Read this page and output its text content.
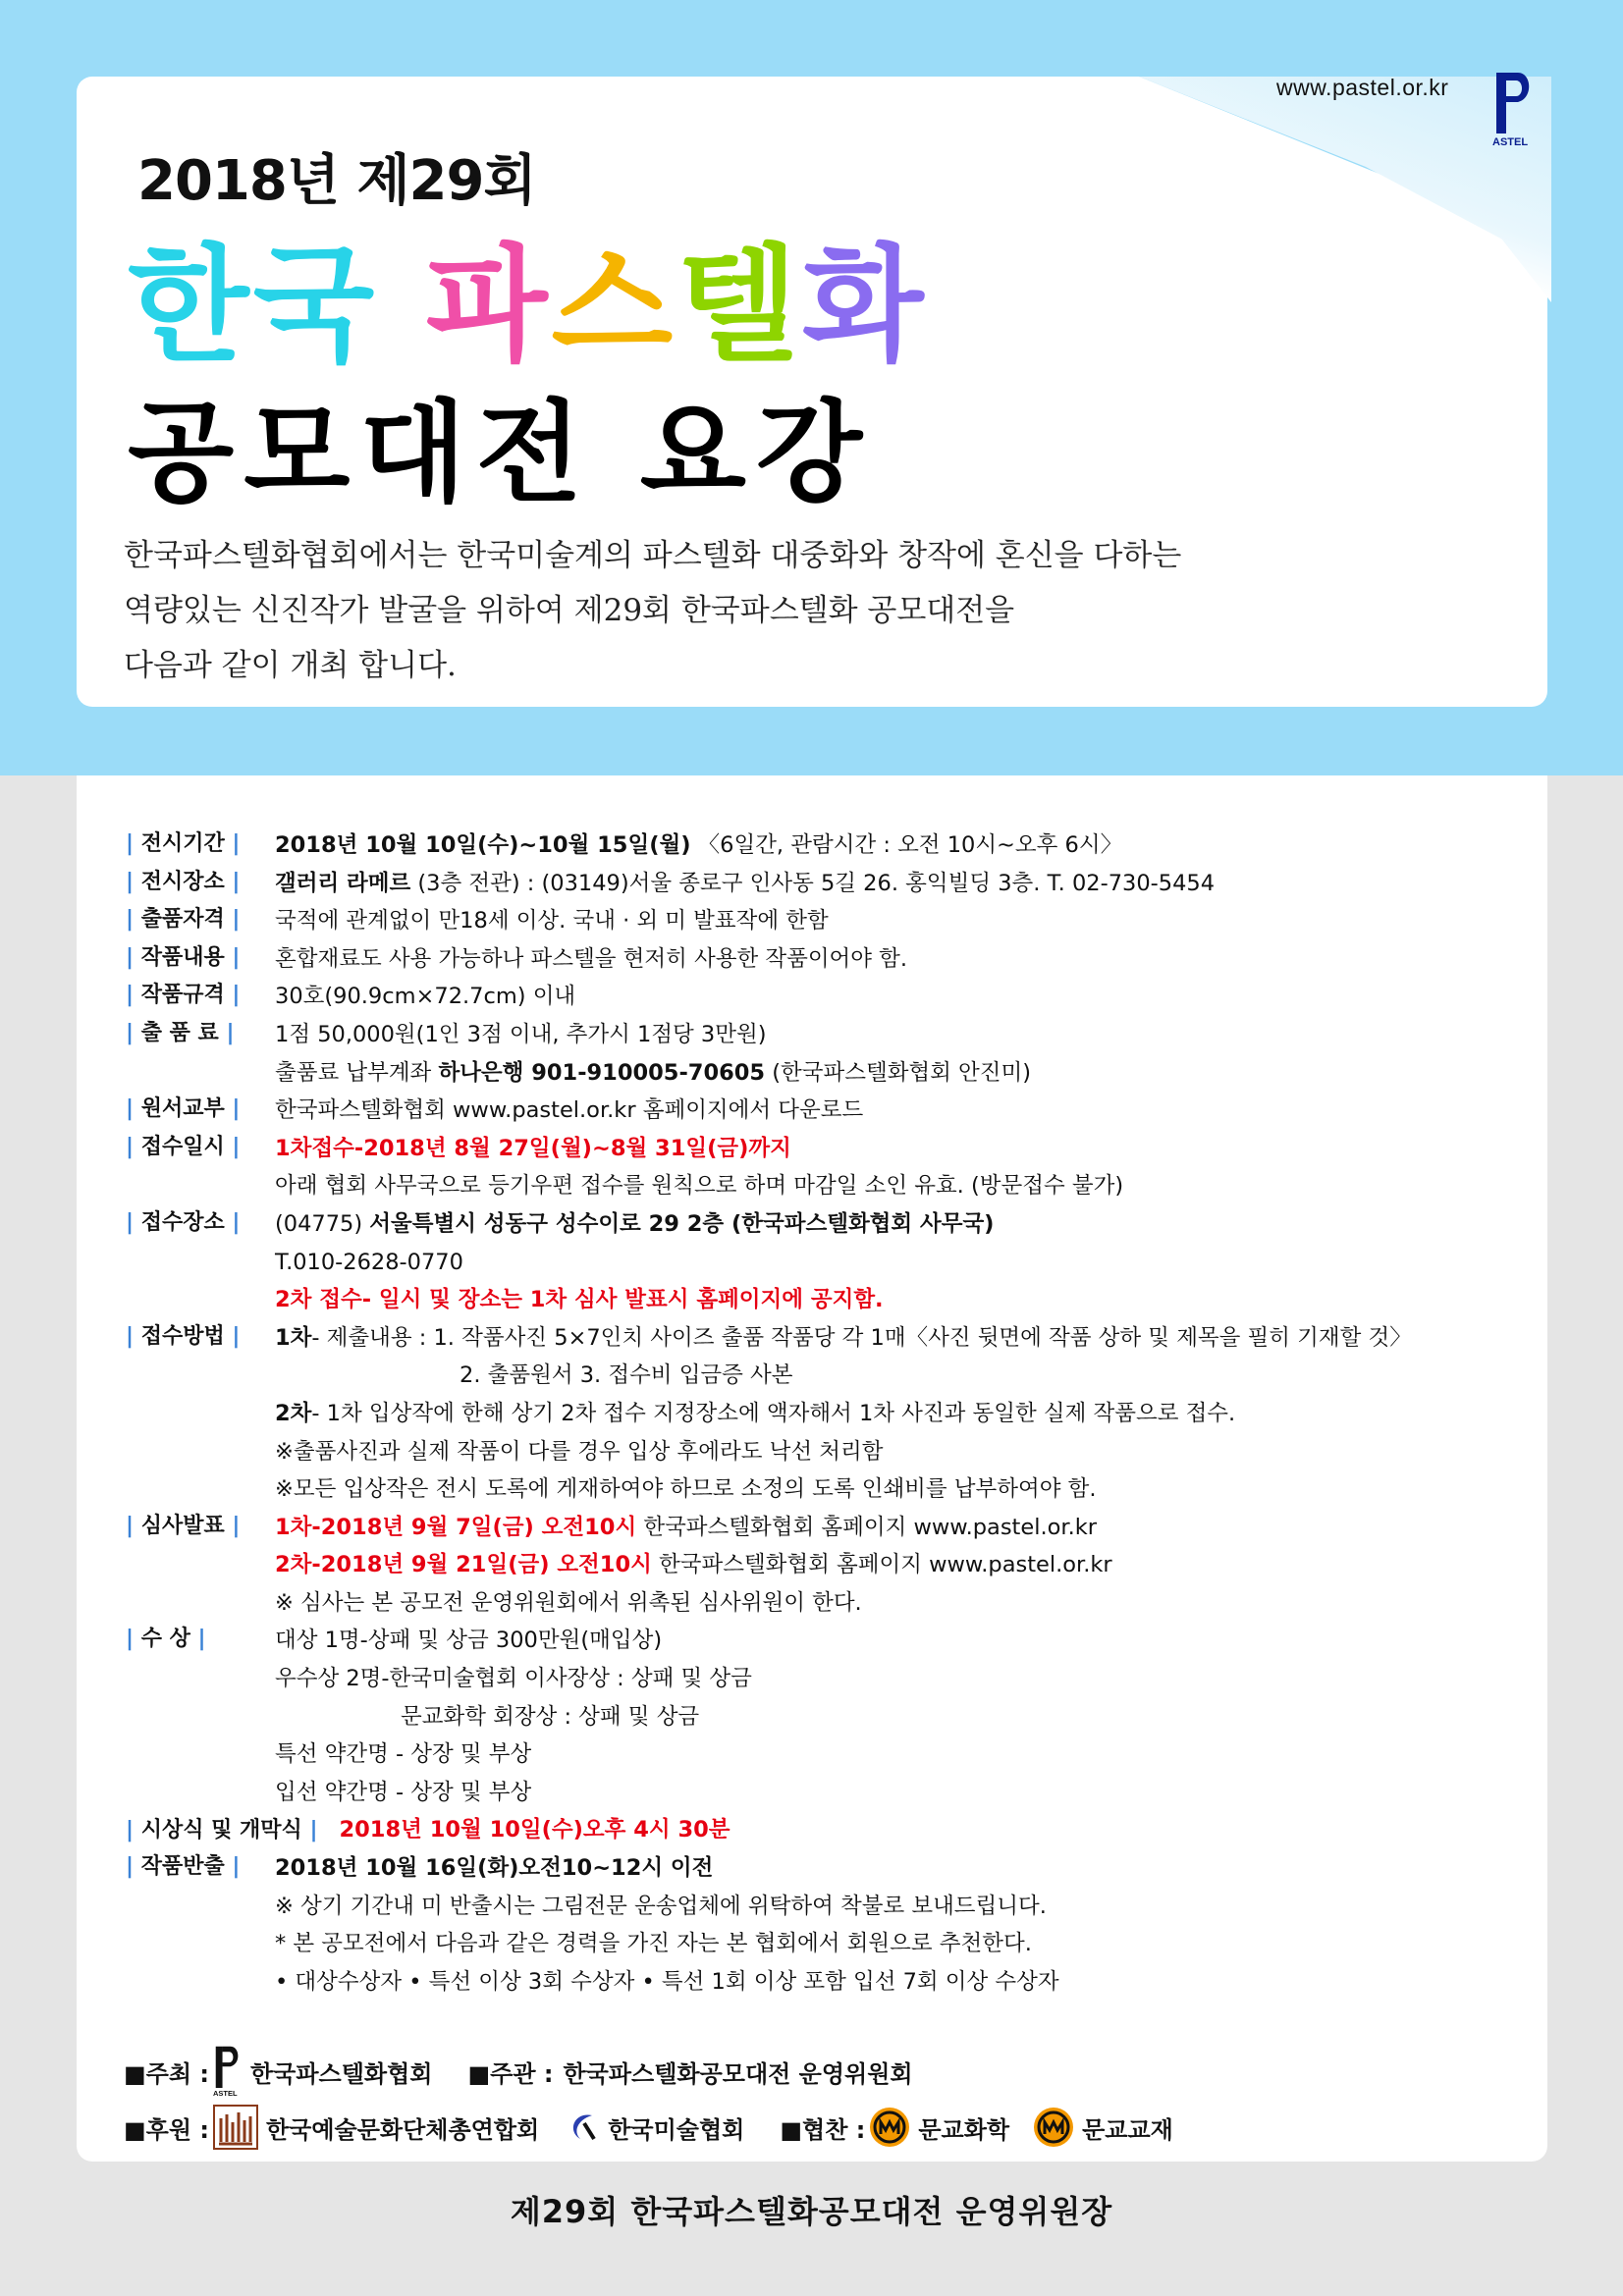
www.pastel.or.kr
ASTEL
2018년 제29회
한국 파스텔화
공모대전 요강
한국파스텔화협회에서는 한국미술계의 파스텔화 대중화와 창작에 혼신을 다하는
역량있는 신진작가 발굴을 위하여 제29회 한국파스텔화 공모대전을
다음과 같이 개최 합니다.
| 전시기간 | 2018년 10월 10일(수)~10월 15일(월) 〈6일간, 관람시간 : 오전 10시~오후 6시〉
| 전시장소 | 갤러리 라메르 (3층 전관) : (03149)서울 종로구 인사동 5길 26. 홍익빌딩 3층. T. 02-730-5454
| 출품자격 | 국적에 관계없이 만18세 이상. 국내 · 외 미 발표작에 한함
| 작품내용 | 혼합재료도 사용 가능하나 파스텔을 현저히 사용한 작품이어야 함.
| 작품규격 | 30호(90.9cm×72.7cm) 이내
| 출 품 료 | 1점 50,000원(1인 3점 이내, 추가시 1점당 3만원)
출품료 납부계좌 하나은행 901-910005-70605 (한국파스텔화협회 안진미)
| 원서교부 | 한국파스텔화협회 www.pastel.or.kr 홈페이지에서 다운로드
| 접수일시 | 1차접수-2018년 8월 27일(월)~8월 31일(금)까지
아래 협회 사무국으로 등기우편 접수를 원칙으로 하며 마감일 소인 유효. (방문접수 불가)
| 접수장소 | (04775) 서울특별시 성동구 성수이로 29 2층 (한국파스텔화협회 사무국)
T.010-2628-0770
2차 접수- 일시 및 장소는 1차 심사 발표시 홈페이지에 공지함.
| 접수방법 | 1차- 제출내용 : 1. 작품사진 5×7인치 사이즈 출품 작품당 각 1매〈사진 뒷면에 작품 상하 및 제목을 필히 기재할 것〉
2. 출품원서 3. 접수비 입금증 사본
2차- 1차 입상작에 한해 상기 2차 접수 지정장소에 액자해서 1차 사진과 동일한 실제 작품으로 접수.
※출품사진과 실제 작품이 다를 경우 입상 후에라도 낙선 처리함
※모든 입상작은 전시 도록에 게재하여야 하므로 소정의 도록 인쇄비를 납부하여야 함.
| 심사발표 | 1차-2018년 9월 7일(금) 오전10시 한국파스텔화협회 홈페이지 www.pastel.or.kr
2차-2018년 9월 21일(금) 오전10시 한국파스텔화협회 홈페이지 www.pastel.or.kr
※ 심사는 본 공모전 운영위원회에서 위촉된 심사위원이 한다.
| 수 상 |	대상 1명-상패 및 상금 300만원(매입상)
우수상 2명-한국미술협회 이사장상 : 상패 및 상금
문교화학 회장상 : 상패 및 상금
특선 약간명 - 상장 및 부상
입선 약간명 - 상장 및 부상
| 시상식 및 개막식 | 2018년 10월 10일(수)오후 4시 30분

| 작품반출 | 2018년 10월 16일(화)오전10~12시 이전
※ 상기 기간내 미 반출시는 그림전문 운송업체에 위탁하여 착불로 보내드립니다.
* 본 공모전에서 다음과 같은 경력을 가진 자는 본 협회에서 회원으로 추천한다.
• 대상수상자 • 특선 이상 3회 수상자 • 특선 1회 이상 포함 입선 7회 이상 수상자
■주최 :
ASTEL
한국파스텔화협회 ■주관 : 한국파스텔화공모대전 운영위원회
■후원 : 한국예술문화단체총연합회	한국미술협회 ■협찬 : 문교화학	문교교재
제29회 한국파스텔화공모대전 운영위원장
